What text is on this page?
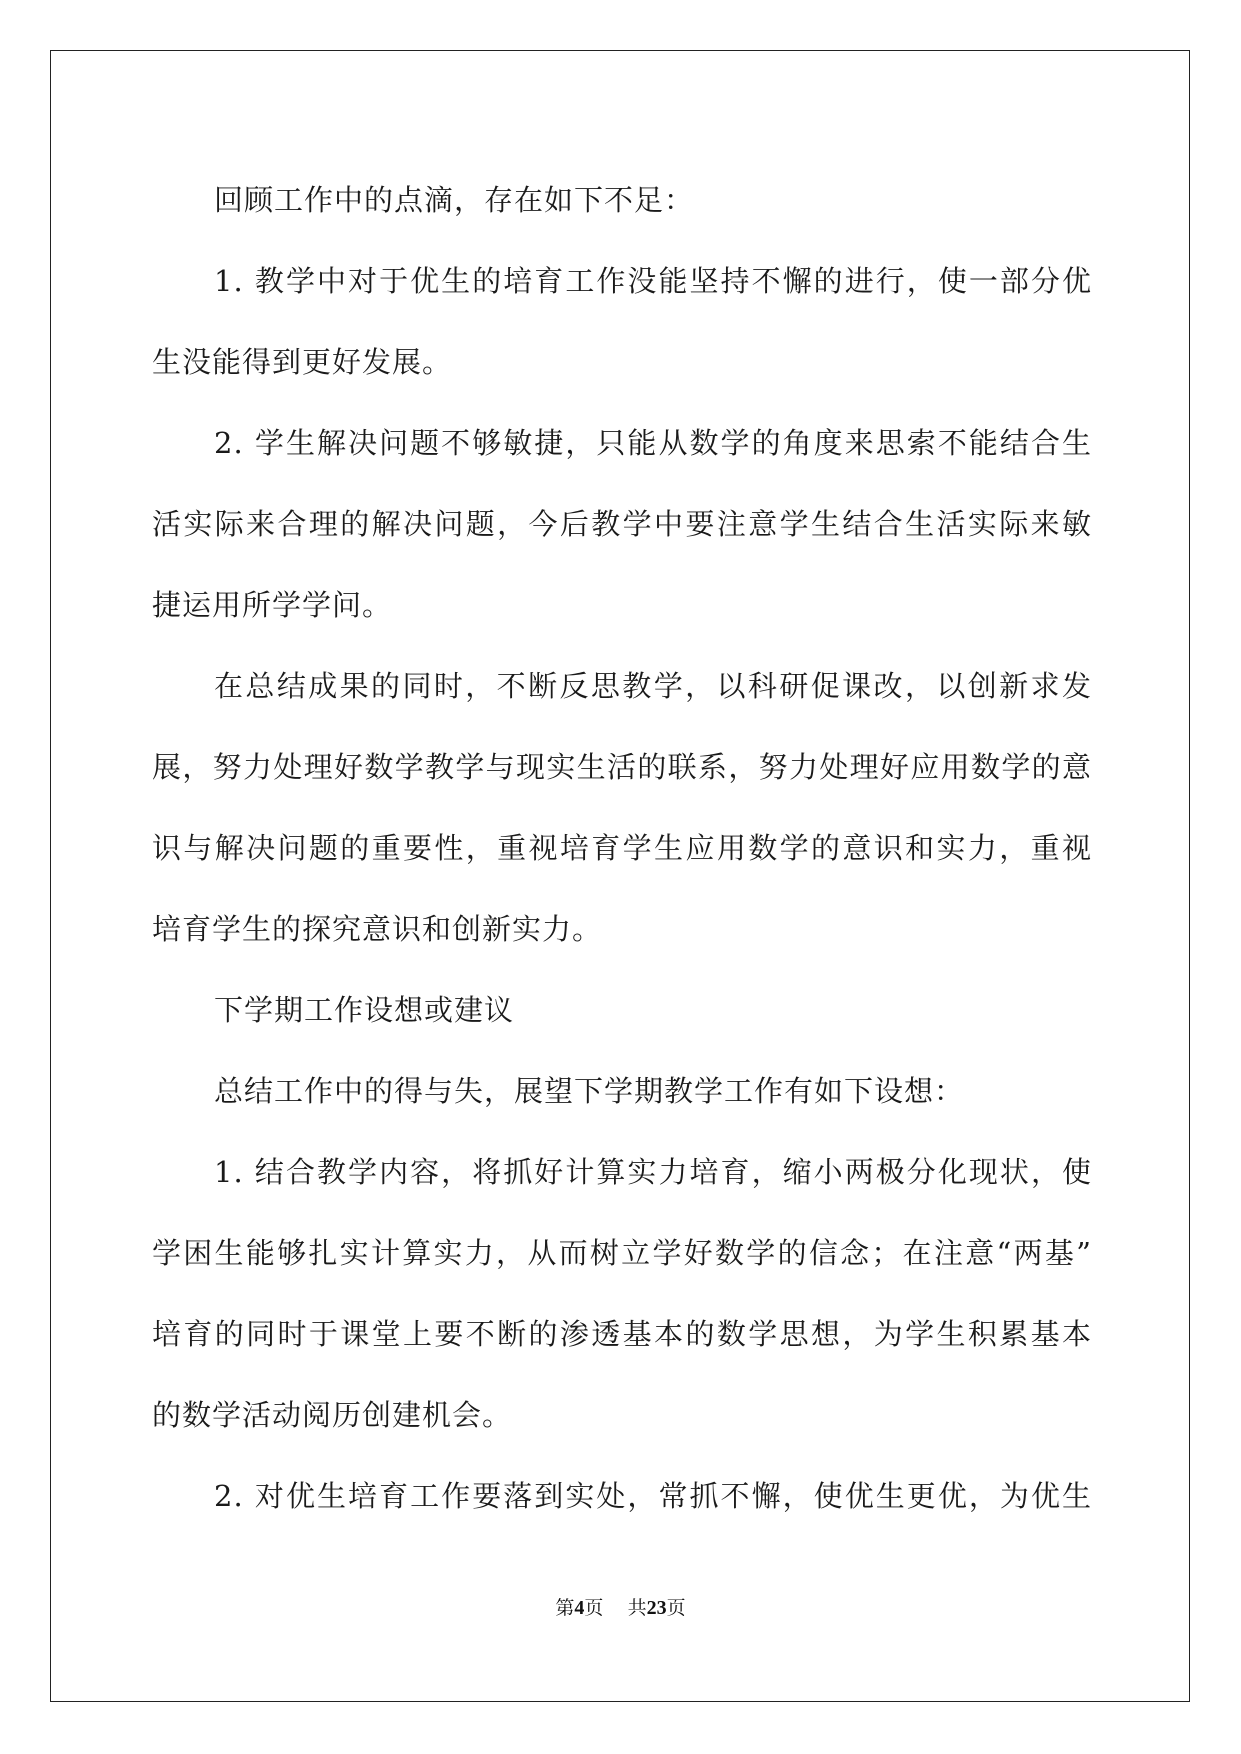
回顾工作中的点滴，存在如下不足：

1. 教学中对于优生的培育工作没能坚持不懈的进行，使一部分优
生没能得到更好发展。

2. 学生解决问题不够敏捷，只能从数学的角度来思索不能结合生
活实际来合理的解决问题，今后教学中要注意学生结合生活实际来敏
捷运用所学学问。

在总结成果的同时，不断反思教学，以科研促课改，以创新求发
展，努力处理好数学教学与现实生活的联系，努力处理好应用数学的意
识与解决问题的重要性，重视培育学生应用数学的意识和实力，重视
培育学生的探究意识和创新实力。

下学期工作设想或建议

总结工作中的得与失，展望下学期教学工作有如下设想：

1. 结合教学内容，将抓好计算实力培育，缩小两极分化现状，使
学困生能够扎实计算实力，从而树立学好数学的信念；在注意“两基”
培育的同时于课堂上要不断的渗透基本的数学思想，为学生积累基本
的数学活动阅历创建机会。

2. 对优生培育工作要落到实处，常抓不懈，使优生更优，为优生

第4页 共23页
